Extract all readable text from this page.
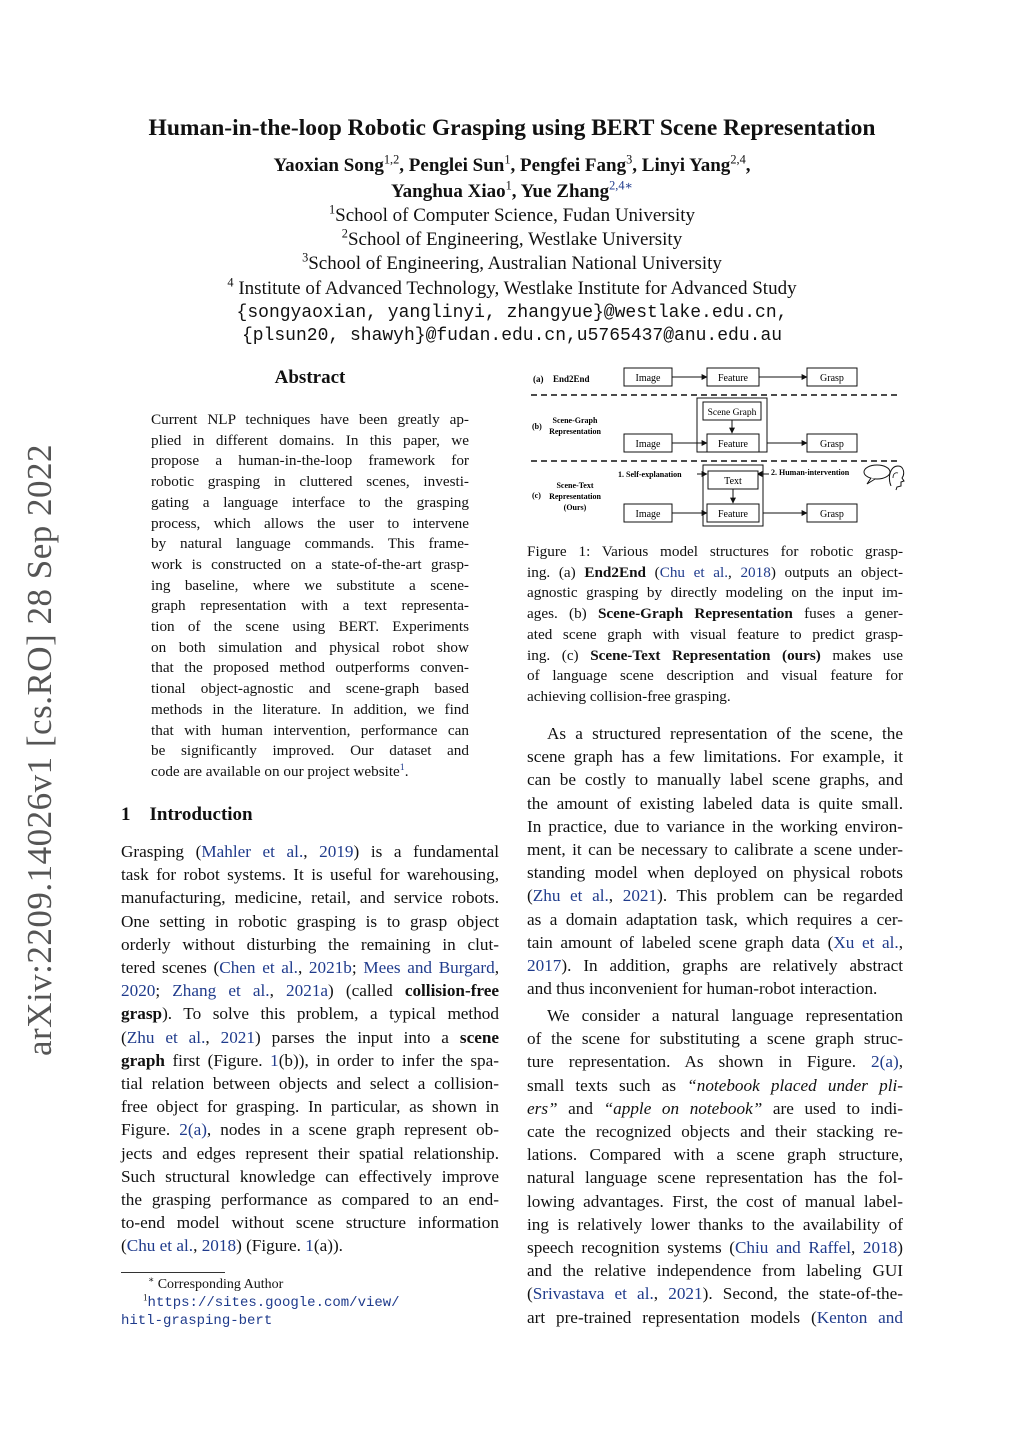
arXiv:2209.14026v1 [cs.RO] 28 Sep 2022
Human-in-the-loop Robotic Grasping using BERT Scene Representation
Yaoxian Song$^{1,2}$, Penglei Sun$^1$, Pengfei Fang$^3$, Linyi Yang$^{2,4}$,
Yanghua Xiao$^1$, Yue Zhang$^{2,4∗}$
$^1$School of Computer Science, Fudan University
$^2$School of Engineering, Westlake University
$^3$School of Engineering, Australian National University
$^4$ Institute of Advanced Technology, Westlake Institute for Advanced Study
{songyaoxian, yanglinyi, zhangyue}@westlake.edu.cn,
{plsun20, shawyh}@fudan.edu.cn,u5765437@anu.edu.au
Abstract
Current NLP techniques have been greatly ap-
plied in different domains. In this paper, we
propose a human-in-the-loop framework for
robotic grasping in cluttered scenes, investi-
gating a language interface to the grasping
process, which allows the user to intervene
by natural language commands. This frame-
work is constructed on a state-of-the-art grasp-
ing baseline, where we substitute a scene-
graph representation with a text representa-
tion of the scene using BERT. Experiments
on both simulation and physical robot show
that the proposed method outperforms conven-
tional object-agnostic and scene-graph based
methods in the literature. In addition, we find
that with human intervention, performance can
be significantly improved. Our dataset and
code are available on our project website$^1$.
1 Introduction
Grasping (Mahler et al., 2019) is a fundamental
task for robot systems. It is useful for warehousing,
manufacturing, medicine, retail, and service robots.
One setting in robotic grasping is to grasp object
orderly without disturbing the remaining in clut-
tered scenes (Chen et al., 2021b; Mees and Burgard,
2020; Zhang et al., 2021a) (called collision-free
grasp). To solve this problem, a typical method
(Zhu et al., 2021) parses the input into a scene
graph first (Figure. 1(b)), in order to infer the spa-
tial relation between objects and select a collision-
free object for grasping. In particular, as shown in
Figure. 2(a), nodes in a scene graph represent ob-
jects and edges represent their spatial relationship.
Such structural knowledge can effectively improve
the grasping performance as compared to an end-
to-end model without scene structure information
(Chu et al., 2018) (Figure. 1(a)).
∗ Corresponding Author
$^1$https://sites.google.com/view/
hitl-grasping-bert
(a) End2End	Image	Feature	Grasp
(b)
Scene-Graph
Representation
Scene Graph
Image	Feature	Grasp
Scene-Text
(c) Representation
(Ours)
1. Self-explanation	2. Human-intervention
Text
Image	Feature	Grasp
Figure 1: Various model structures for robotic grasp-
ing. (a) End2End (Chu et al., 2018) outputs an object-
agnostic grasping by directly modeling on the input im-
ages. (b) Scene-Graph Representation fuses a gener-
ated scene graph with visual feature to predict grasp-
ing. (c) Scene-Text Representation (ours) makes use
of language scene description and visual feature for
achieving collision-free grasping.
As a structured representation of the scene, the
scene graph has a few limitations. For example, it
can be costly to manually label scene graphs, and
the amount of existing labeled data is quite small.
In practice, due to variance in the working environ-
ment, it can be necessary to calibrate a scene under-
standing model when deployed on physical robots
(Zhu et al., 2021). This problem can be regarded
as a domain adaptation task, which requires a cer-
tain amount of labeled scene graph data (Xu et al.,
2017). In addition, graphs are relatively abstract
and thus inconvenient for human-robot interaction.
We consider a natural language representation
of the scene for substituting a scene graph struc-
ture representation. As shown in Figure. 2(a),
small texts such as “notebook placed under pli-
ers” and “apple on notebook” are used to indi-
cate the recognized objects and their stacking re-
lations. Compared with a scene graph structure,
natural language scene representation has the fol-
lowing advantages. First, the cost of manual label-
ing is relatively lower thanks to the availability of
speech recognition systems (Chiu and Raffel, 2018)
and the relative independence from labeling GUI
(Srivastava et al., 2021). Second, the state-of-the-
art pre-trained representation models (Kenton and
